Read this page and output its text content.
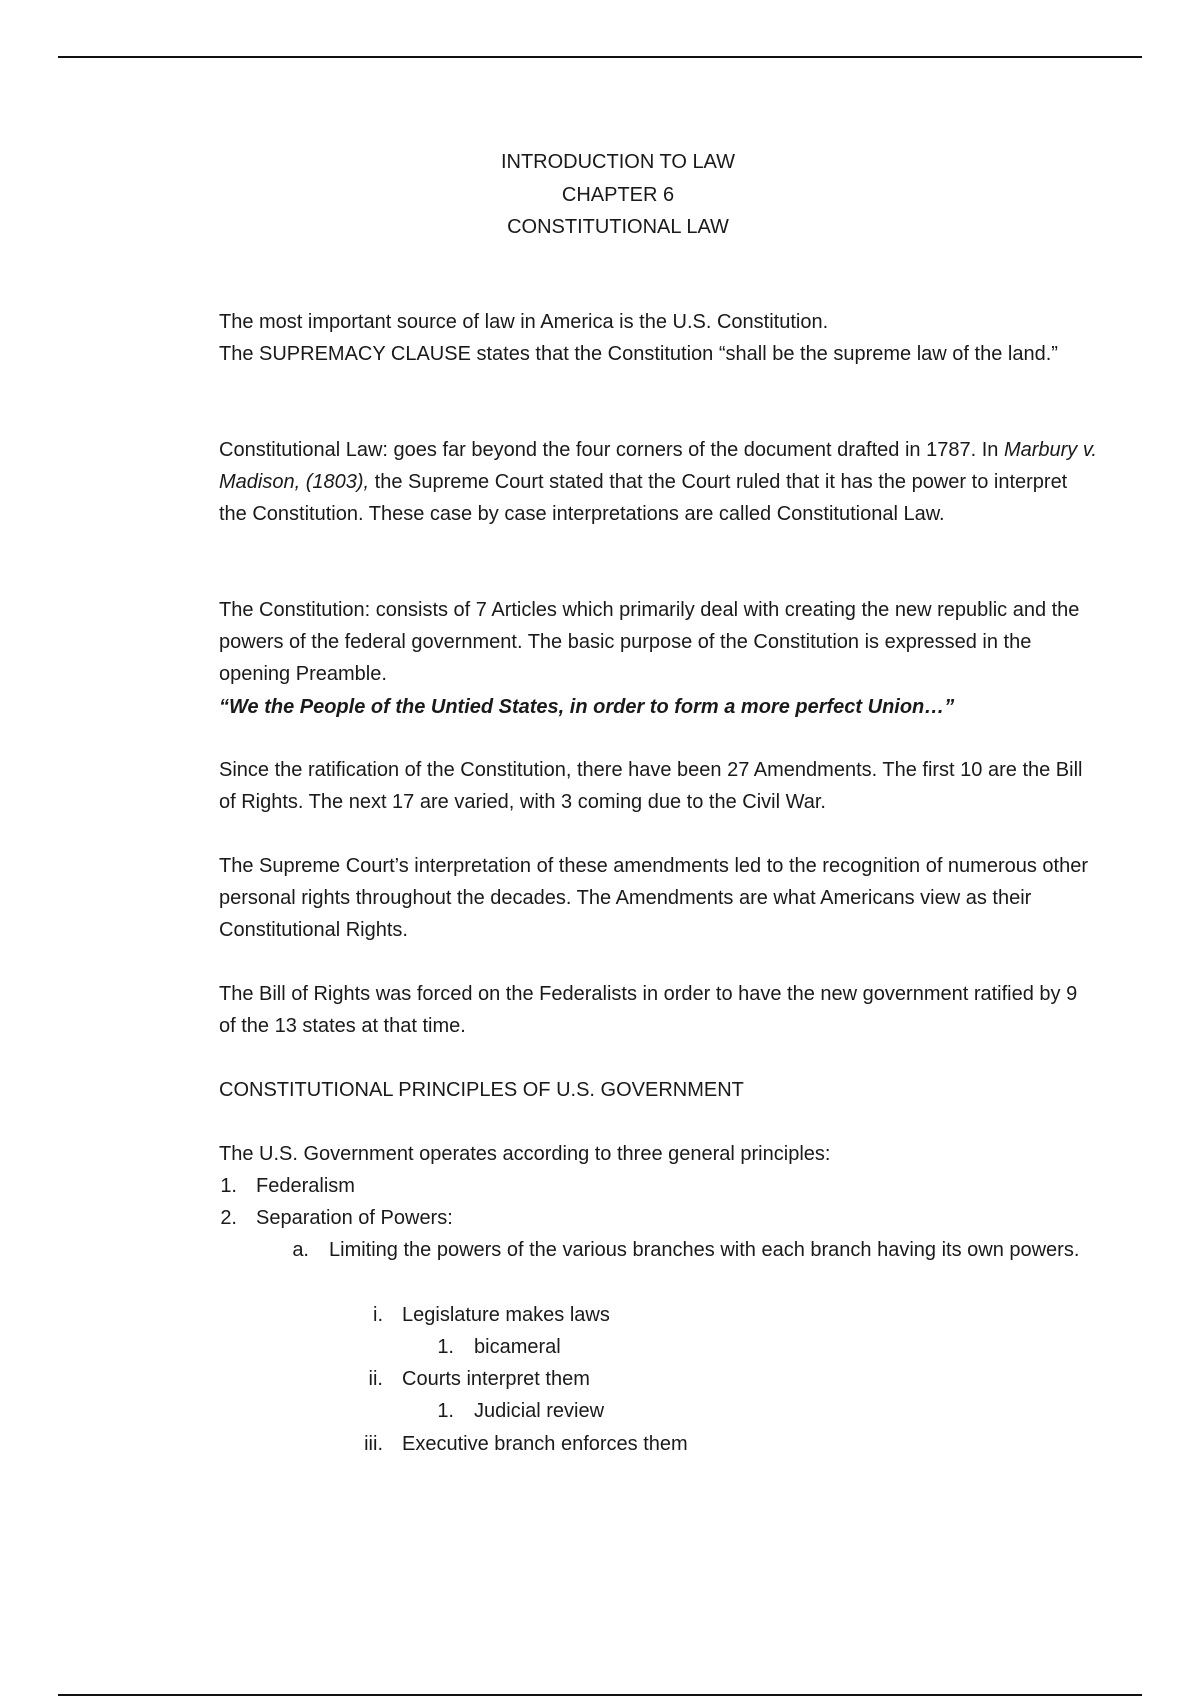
INTRODUCTION TO LAW
CHAPTER 6
CONSTITUTIONAL LAW

The most important source of law in America is the U.S. Constitution.

The SUPREMACY CLAUSE states that the Constitution “shall be the supreme law of the land.”

Constitutional Law: goes far beyond the four corners of the document drafted in 1787. In Marbury v. Madison, (1803), the Supreme Court stated that the Court ruled that it has the power to interpret the Constitution. These case by case interpretations are called Constitutional Law.

The Constitution: consists of 7 Articles which primarily deal with creating the new republic and the powers of the federal government. The basic purpose of the Constitution is expressed in the opening Preamble.

“We the People of the Untied States, in order to form a more perfect Union…”

Since the ratification of the Constitution, there have been 27 Amendments. The first 10 are the Bill of Rights. The next 17 are varied, with 3 coming due to the Civil War.

The Supreme Court’s interpretation of these amendments led to the recognition of numerous other personal rights throughout the decades. The Amendments are what Americans view as their Constitutional Rights.

The Bill of Rights was forced on the Federalists in order to have the new government ratified by 9 of the 13 states at that time.

CONSTITUTIONAL PRINCIPLES OF U.S. GOVERNMENT
The U.S. Government operates according to three general principles:
1. Federalism
2. Separation of Powers:
a. Limiting the powers of the various branches with each branch having its own powers.
i. Legislature makes laws
1. bicameral
ii. Courts interpret them
1. Judicial review
iii. Executive branch enforces them
